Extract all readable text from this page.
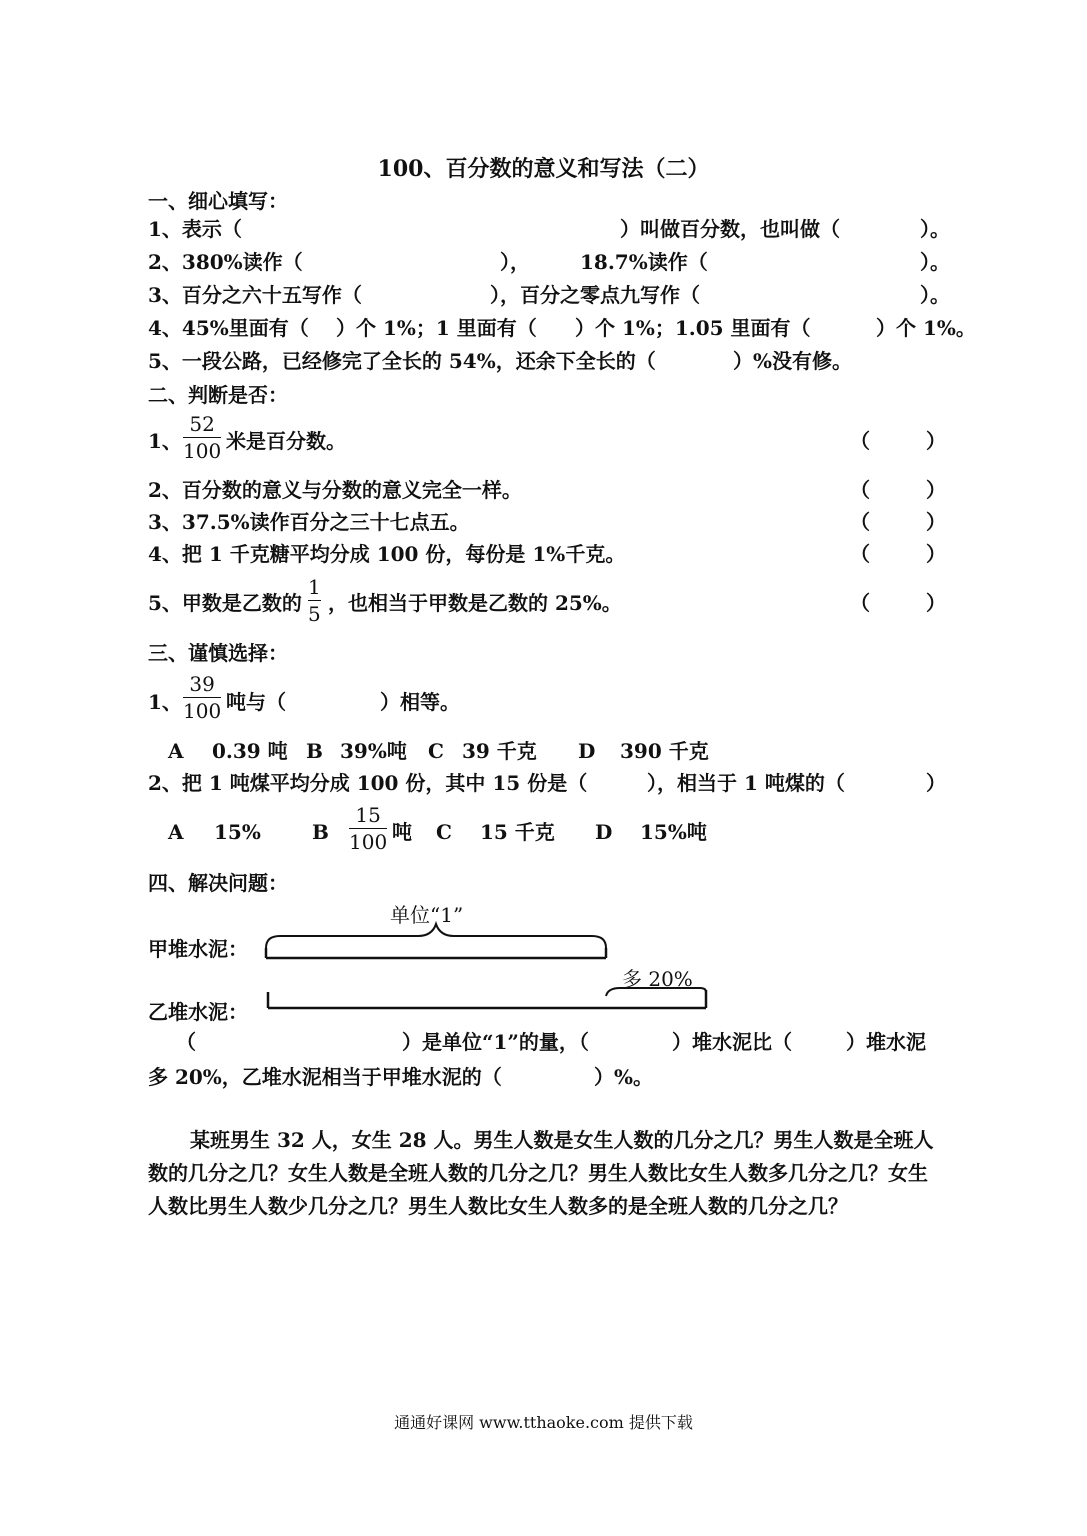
100、百分数的意义和写法（二）
一、细心填写：
1、表示（	）叫做百分数，也叫做（	）。
2、380%读作（	），	18.7%读作（	）。
3、百分之六十五写作（	），百分之零点九写作（	）。
4、45%里面有（ ）个 1%；1 里面有（ ）个 1%；1.05 里面有（	）个 1%。
5、一段公路，已经修完了全长的 54%，还余下全长的（	）%没有修。
二、判断是否：
1、
52
100 米是百分数。	（	）
2、百分数的意义与分数的意义完全一样。	（	）
3、37.5%读作百分之三十七点五。	（	）
4、把 1 千克糖平均分成 100 份，每份是 1%千克。	（	）
5、甲数是乙数的
1
5 ，也相当于甲数是乙数的 25%。	（	）
三、谨慎选择：
1、
39
100 吨与（	）相等。
A 0.39 吨 B 39%吨 C 39 千克 D 390 千克
2、把 1 吨煤平均分成 100 份，其中 15 份是（	），相当于 1 吨煤的（	）
A 15%	B
15
100 吨 C 15 千克 D 15%吨
四、解决问题：
单位“1”
甲堆水泥：
乙堆水泥：
多 20%
（	）是单位“1”的量，（	）堆水泥比（	）堆水泥
多 20%，乙堆水泥相当于甲堆水泥的（	）%。
某班男生 32 人，女生 28 人。男生人数是女生人数的几分之几？男生人数是全班人数的几分之几？女生人数是全班人数的几分之几？男生人数比女生人数多几分之几？女生人数比男生人数少几分之几？男生人数比女生人数多的是全班人数的几分之几？
通通好课网 www.tthaoke.com 提供下载
